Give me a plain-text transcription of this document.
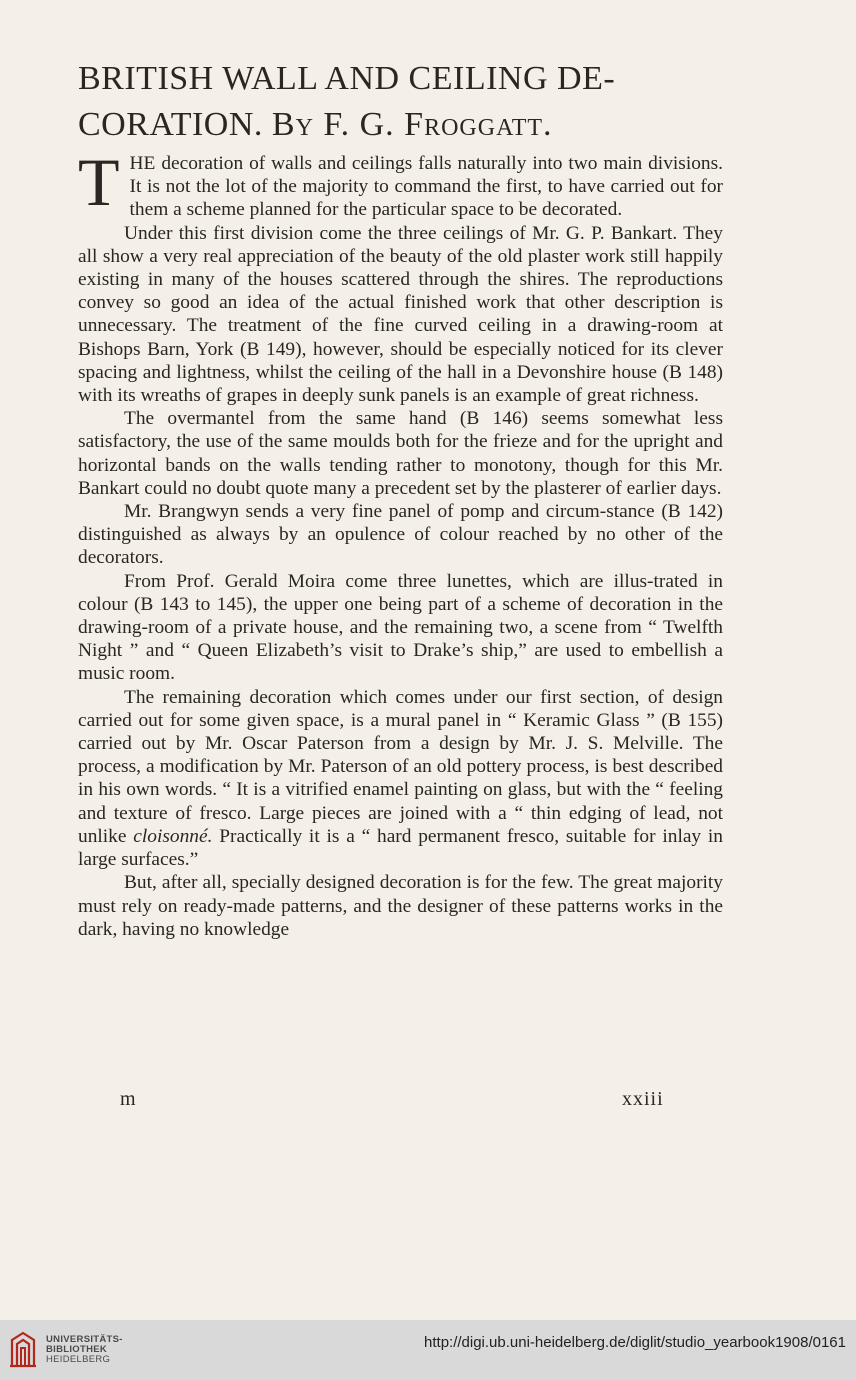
BRITISH WALL AND CEILING DE-
CORATION. By F. G. Froggatt.

THE decoration of walls and ceilings falls naturally into two main divisions. It is not the lot of the majority to command the first, to have carried out for them a scheme planned for the particular space to be decorated.

Under this first division come the three ceilings of Mr. G. P. Bankart. They all show a very real appreciation of the beauty of the old plaster work still happily existing in many of the houses scattered through the shires. The reproductions convey so good an idea of the actual finished work that other description is unnecessary. The treatment of the fine curved ceiling in a drawing-room at Bishops Barn, York (B 149), however, should be especially noticed for its clever spacing and lightness, whilst the ceiling of the hall in a Devonshire house (B 148) with its wreaths of grapes in deeply sunk panels is an example of great richness.

The overmantel from the same hand (B 146) seems somewhat less satisfactory, the use of the same moulds both for the frieze and for the upright and horizontal bands on the walls tending rather to monotony, though for this Mr. Bankart could no doubt quote many a precedent set by the plasterer of earlier days.

Mr. Brangwyn sends a very fine panel of pomp and circum-stance (B 142) distinguished as always by an opulence of colour reached by no other of the decorators.

From Prof. Gerald Moira come three lunettes, which are illus-trated in colour (B 143 to 145), the upper one being part of a scheme of decoration in the drawing-room of a private house, and the remaining two, a scene from “ Twelfth Night ” and “ Queen Elizabeth’s visit to Drake’s ship,” are used to embellish a music room.

The remaining decoration which comes under our first section, of design carried out for some given space, is a mural panel in “ Keramic Glass ” (B 155) carried out by Mr. Oscar Paterson from a design by Mr. J. S. Melville. The process, a modification by Mr. Paterson of an old pottery process, is best described in his own words. “ It is a vitrified enamel painting on glass, but with the “ feeling and texture of fresco. Large pieces are joined with a “ thin edging of lead, not unlike cloisonné. Practically it is a “ hard permanent fresco, suitable for inlay in large surfaces.”

But, after all, specially designed decoration is for the few. The great majority must rely on ready-made patterns, and the designer of these patterns works in the dark, having no knowledge

m	xxiii
UNIVERSITÄTS-
BIBLIOTHEK
HEIDELBERG
http://digi.ub.uni-heidelberg.de/diglit/studio_yearbook1908/0161
